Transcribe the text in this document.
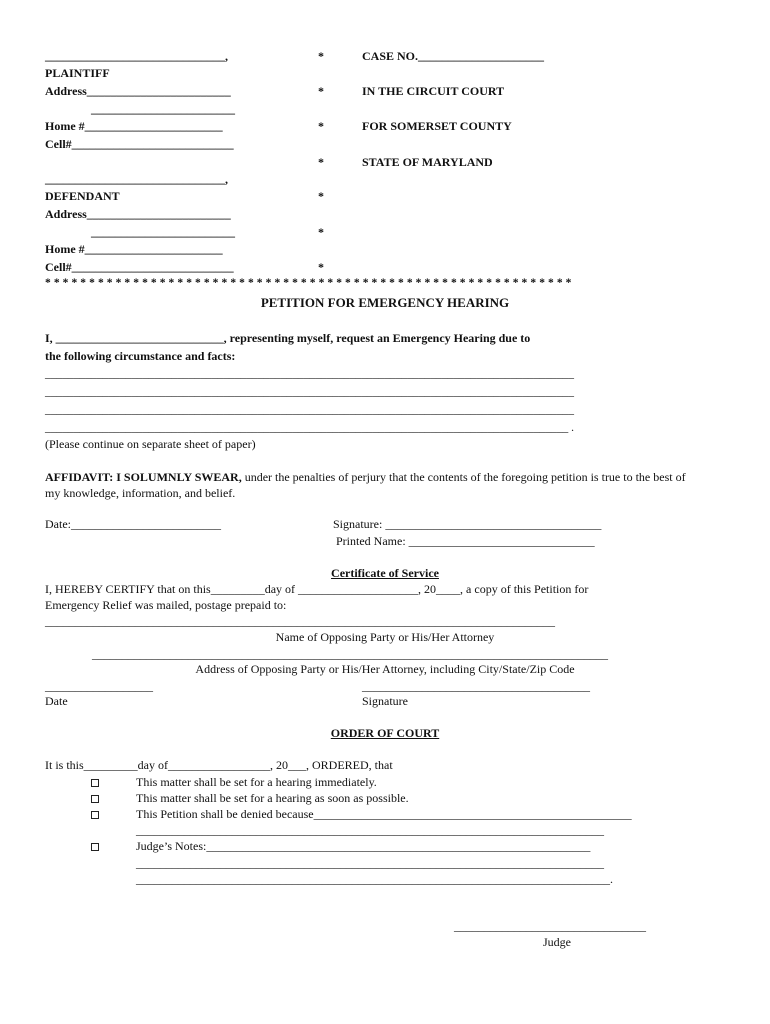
______________________________,
PLAINTIFF
Address________________________
________________________
Home #_______________________
Cell#___________________________
______________________________,
DEFENDANT
Address________________________
________________________
Home #_______________________
Cell#___________________________
*
*
*
*
*
*
*
CASE NO._____________________
IN THE CIRCUIT COURT
FOR SOMERSET COUNTY
STATE OF MARYLAND
* * * * * * * * * * * * * * * * * * * * * * * * * * * * * * * * * * * * * * * * * * * * * * * * * * * * * * * * * * * *
PETITION FOR EMERGENCY HEARING
I, ____________________________, representing myself, request an Emergency Hearing due to
the following circumstance and facts:
____________________________________________________________________________________________
____________________________________________________________________________________________
____________________________________________________________________________________________
___________________________________________________________________________________________ .
(Please continue on separate sheet of paper)
AFFIDAVIT: I SOLUMNLY SWEAR, under the penalties of perjury that the contents of the foregoing petition is true to the best of
my knowledge, information, and belief.
Date:_________________________	Signature: ____________________________________
Printed Name: _______________________________
Certificate of Service
I, HEREBY CERTIFY that on this_________day of ____________________, 20____, a copy of this Petition for
Emergency Relief was mailed, postage prepaid to:
_____________________________________________________________________________________
Name of Opposing Party or His/Her Attorney
______________________________________________________________________________________
Address of Opposing Party or His/Her Attorney, including City/State/Zip Code
__________________	______________________________________
Date	Signature
ORDER OF COURT
It is this_________day of_________________, 20___, ORDERED, that
This matter shall be set for a hearing immediately.
This matter shall be set for a hearing as soon as possible.
This Petition shall be denied because_____________________________________________________
______________________________________________________________________________
Judge’s Notes:________________________________________________________________
______________________________________________________________________________
_______________________________________________________________________________.
________________________________
Judge
